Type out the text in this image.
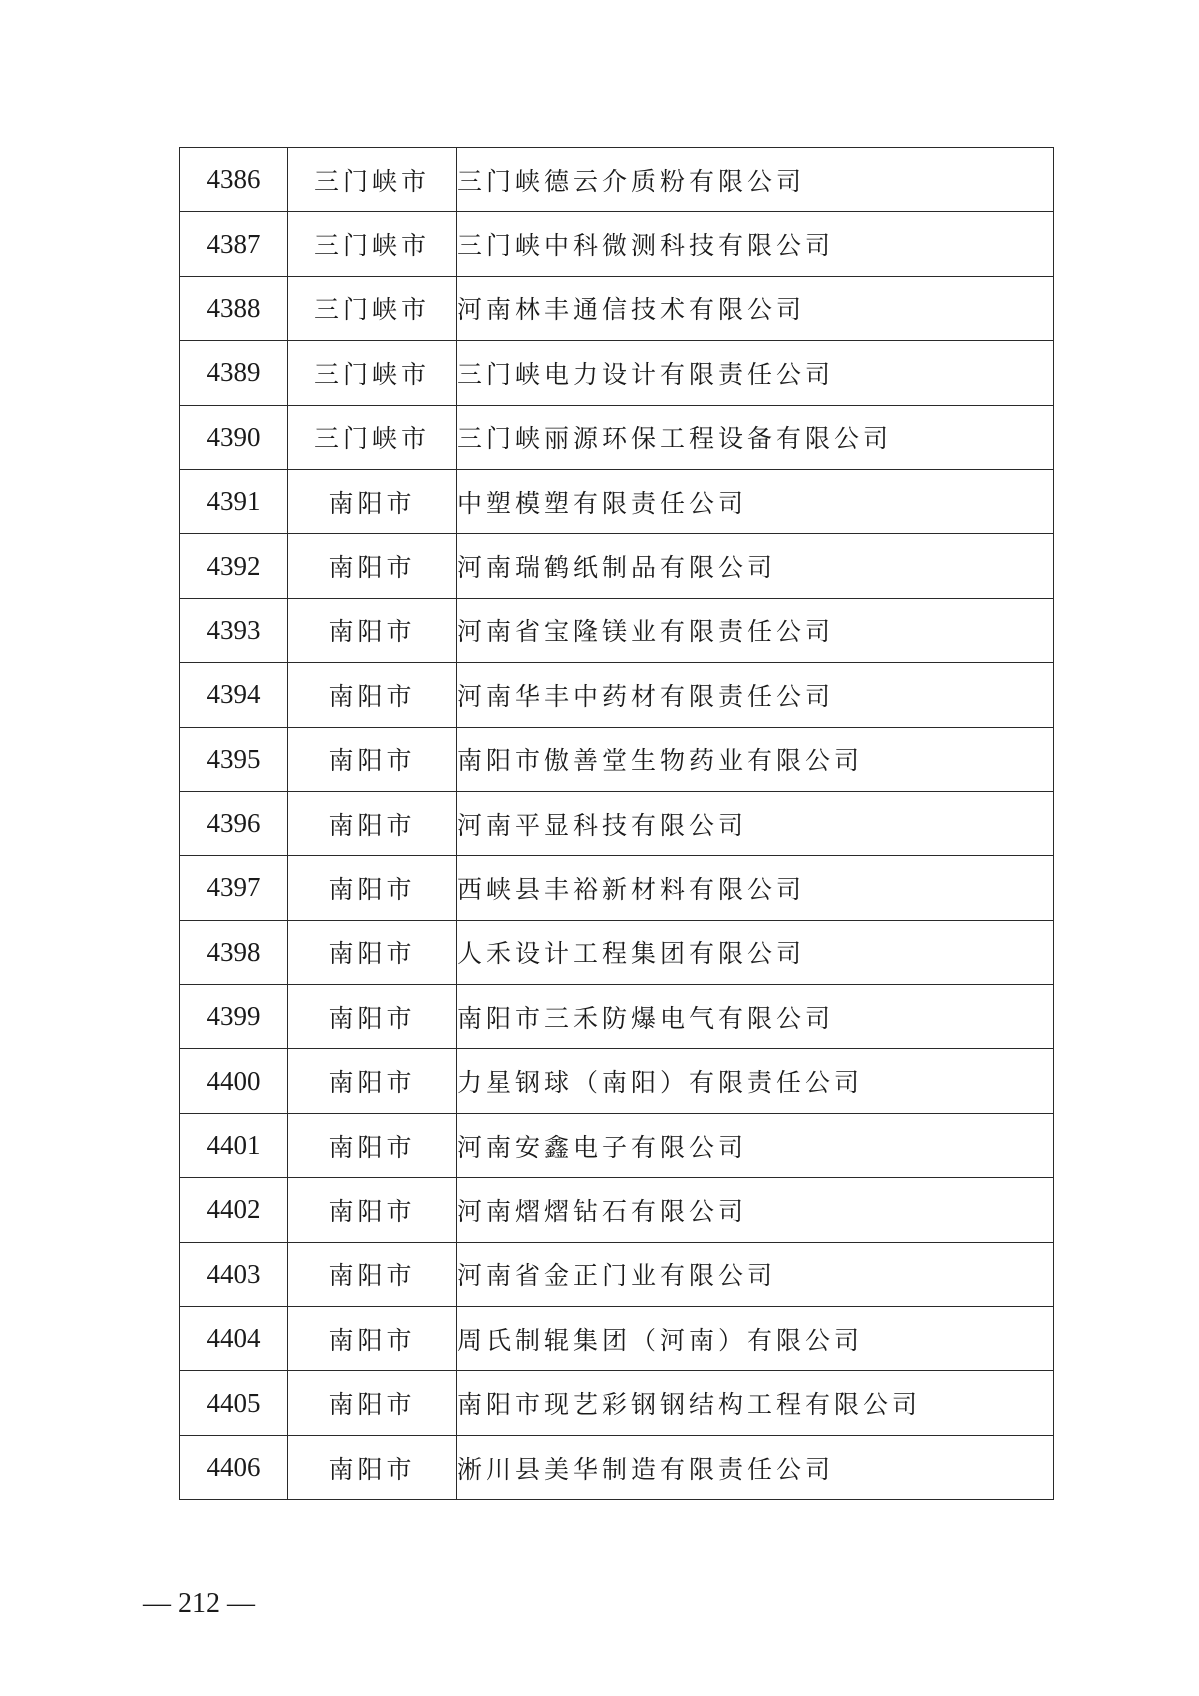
4386	三门峡市	三门峡德云介质粉有限公司
4387	三门峡市	三门峡中科微测科技有限公司
4388	三门峡市	河南林丰通信技术有限公司
4389	三门峡市	三门峡电力设计有限责任公司
4390	三门峡市	三门峡丽源环保工程设备有限公司
4391	南阳市	中塑模塑有限责任公司
4392	南阳市	河南瑞鹤纸制品有限公司
4393	南阳市	河南省宝隆镁业有限责任公司
4394	南阳市	河南华丰中药材有限责任公司
4395	南阳市	南阳市傲善堂生物药业有限公司
4396	南阳市	河南平显科技有限公司
4397	南阳市	西峡县丰裕新材料有限公司
4398	南阳市	人禾设计工程集团有限公司
4399	南阳市	南阳市三禾防爆电气有限公司
4400	南阳市	力星钢球（南阳）有限责任公司
4401	南阳市	河南安鑫电子有限公司
4402	南阳市	河南熠熠钻石有限公司
4403	南阳市	河南省金正门业有限公司
4404	南阳市	周氏制辊集团（河南）有限公司
4405	南阳市	南阳市现艺彩钢钢结构工程有限公司
4406	南阳市	淅川县美华制造有限责任公司
— 212 —
